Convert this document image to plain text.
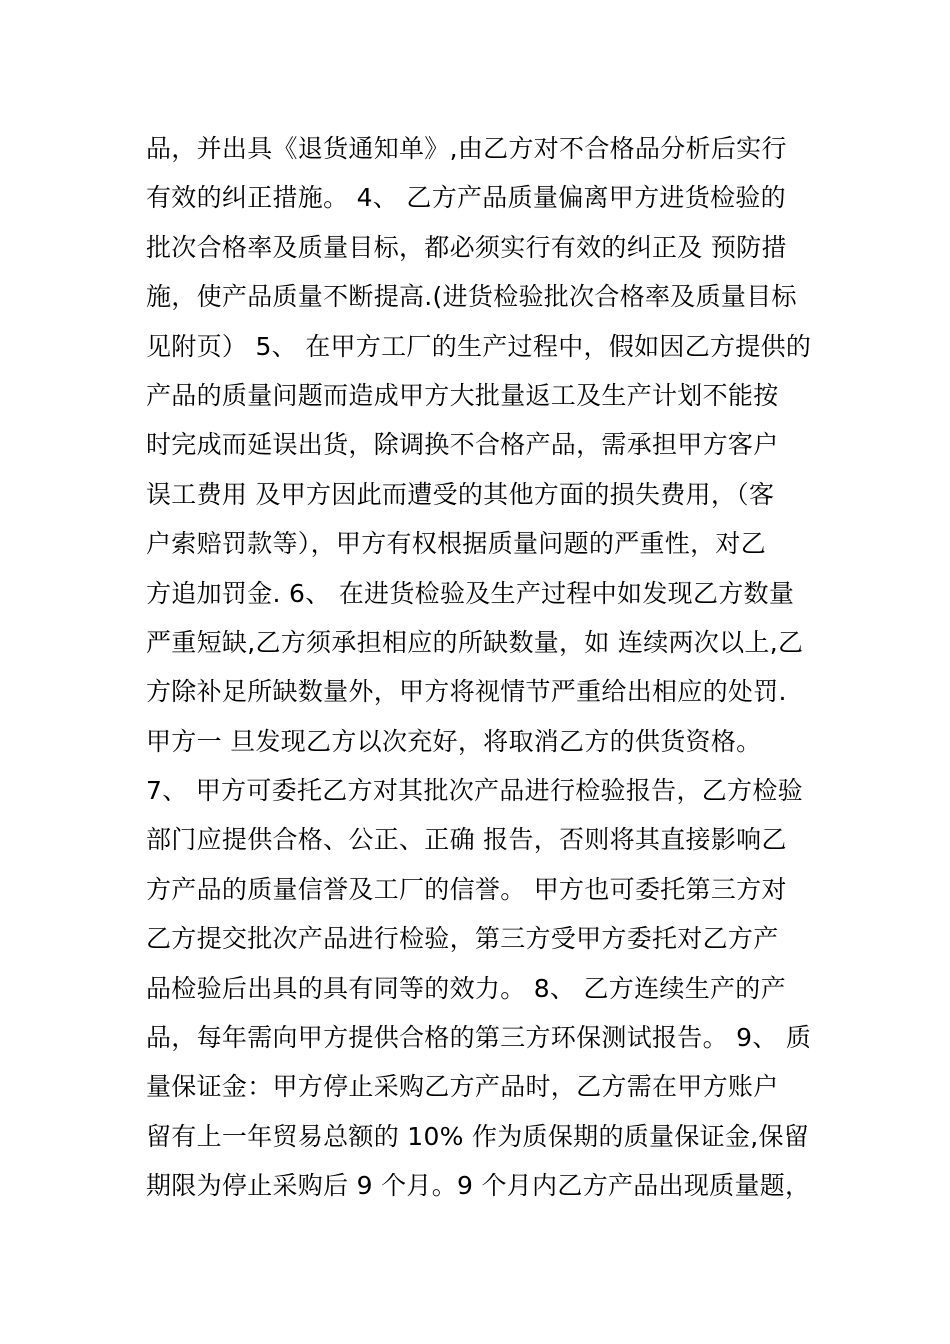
品，并出具《退货通知单》,由乙方对不合格品分析后实行
有效的纠正措施。 4、 乙方产品质量偏离甲方进货检验的
批次合格率及质量目标，都必须实行有效的纠正及 预防措
施，使产品质量不断提高.(进货检验批次合格率及质量目标
见附页） 5、 在甲方工厂的生产过程中，假如因乙方提供的
产品的质量问题而造成甲方大批量返工及生产计划不能按
时完成而延误出货，除调换不合格产品，需承担甲方客户
误工费用 及甲方因此而遭受的其他方面的损失费用，（客
户索赔罚款等），甲方有权根据质量问题的严重性，对乙
方追加罚金. 6、 在进货检验及生产过程中如发现乙方数量
严重短缺,乙方须承担相应的所缺数量，如 连续两次以上,乙
方除补足所缺数量外，甲方将视情节严重给出相应的处罚.
甲方一 旦发现乙方以次充好，将取消乙方的供货资格。
7、 甲方可委托乙方对其批次产品进行检验报告，乙方检验
部门应提供合格、公正、正确 报告，否则将其直接影响乙
方产品的质量信誉及工厂的信誉。 甲方也可委托第三方对
乙方提交批次产品进行检验，第三方受甲方委托对乙方产
品检验后出具的具有同等的效力。 8、 乙方连续生产的产
品，每年需向甲方提供合格的第三方环保测试报告。 9、 质
量保证金：甲方停止采购乙方产品时，乙方需在甲方账户
留有上一年贸易总额的 10% 作为质保期的质量保证金,保留
期限为停止采购后 9 个月。9 个月内乙方产品出现质量题，
